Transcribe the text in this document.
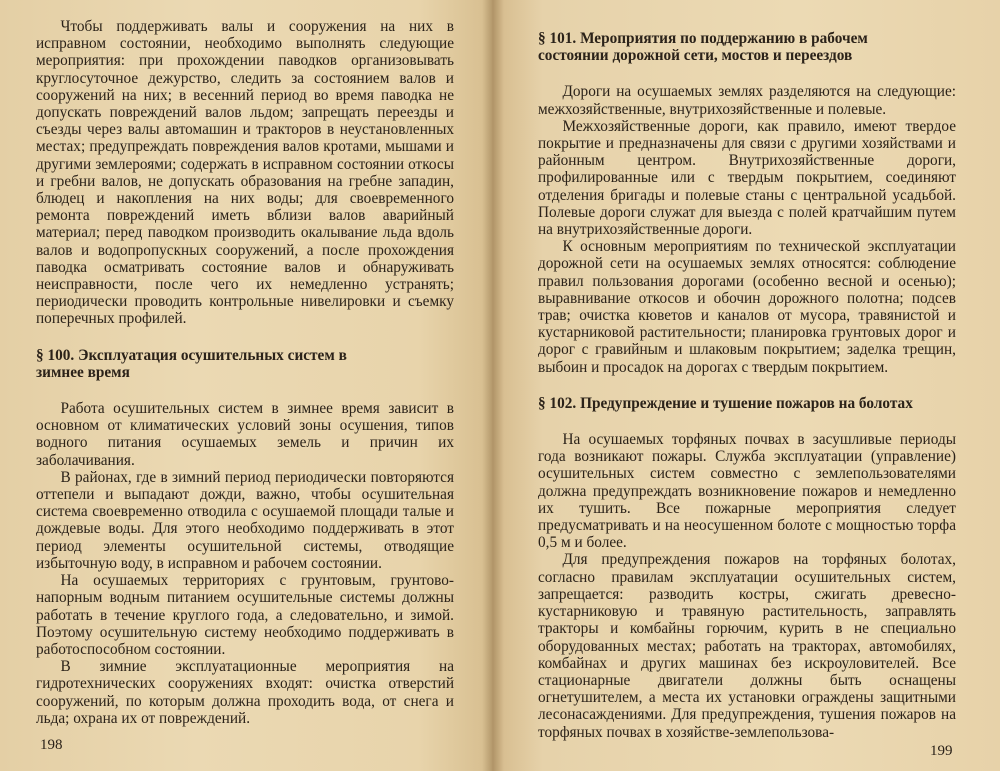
Чтобы поддерживать валы и сооружения на них в исправном состоянии, необходимо выполнять следующие мероприятия: при прохождении паводков организовывать круглосуточное дежурство, следить за состоянием валов и сооружений на них; в весенний период во время паводка не допускать повреждений валов льдом; запрещать переезды и съезды через валы автомашин и тракторов в неустановленных местах; предупреждать повреждения валов кротами, мышами и другими землероями; содержать в исправном состоянии откосы и гребни валов, не допускать образования на гребне западин, блюдец и накопления на них воды; для своевременного ремонта повреждений иметь вблизи валов аварийный материал; перед паводком производить окалывание льда вдоль валов и водопропускных сооружений, а после прохождения паводка осматривать состояние валов и обнаруживать неисправности, после чего их немедленно устранять; периодически проводить контрольные нивелировки и съемку поперечных профилей.

§ 100. Эксплуатация осушительных систем в зимнее время

Работа осушительных систем в зимнее время зависит в основном от климатических условий зоны осушения, типов водного питания осушаемых земель и причин их заболачивания.

В районах, где в зимний период периодически повторяются оттепели и выпадают дожди, важно, чтобы осушительная система своевременно отводила с осушаемой площади талые и дождевые воды. Для этого необходимо поддерживать в этот период элементы осушительной системы, отводящие избыточную воду, в исправном и рабочем состоянии.

На осушаемых территориях с грунтовым, грунтово-напорным водным питанием осушительные системы должны работать в течение круглого года, а следовательно, и зимой. Поэтому осушительную систему необходимо поддерживать в работоспособном состоянии.

В зимние эксплуатационные мероприятия на гидротехнических сооружениях входят: очистка отверстий сооружений, по которым должна проходить вода, от снега и льда; охрана их от повреждений.

198
§ 101. Мероприятия по поддержанию в рабочем состоянии дорожной сети, мостов и переездов

Дороги на осушаемых землях разделяются на следующие: межхозяйственные, внутрихозяйственные и полевые.

Межхозяйственные дороги, как правило, имеют твердое покрытие и предназначены для связи с другими хозяйствами и районным центром. Внутрихозяйственные дороги, профилированные или с твердым покрытием, соединяют отделения бригады и полевые станы с центральной усадьбой. Полевые дороги служат для выезда с полей кратчайшим путем на внутрихозяйственные дороги.

К основным мероприятиям по технической эксплуатации дорожной сети на осушаемых землях относятся: соблюдение правил пользования дорогами (особенно весной и осенью); выравнивание откосов и обочин дорожного полотна; подсев трав; очистка кюветов и каналов от мусора, травянистой и кустарниковой растительности; планировка грунтовых дорог и дорог с гравийным и шлаковым покрытием; заделка трещин, выбоин и просадок на дорогах с твердым покрытием.

§ 102. Предупреждение и тушение пожаров на болотах

На осушаемых торфяных почвах в засушливые периоды года возникают пожары. Служба эксплуатации (управление) осушительных систем совместно с землепользователями должна предупреждать возникновение пожаров и немедленно их тушить. Все пожарные мероприятия следует предусматривать и на неосушенном болоте с мощностью торфа 0,5 м и более.

Для предупреждения пожаров на торфяных болотах, согласно правилам эксплуатации осушительных систем, запрещается: разводить костры, сжигать древесно-кустарниковую и травяную растительность, заправлять тракторы и комбайны горючим, курить в не специально оборудованных местах; работать на тракторах, автомобилях, комбайнах и других машинах без искроуловителей. Все стационарные двигатели должны быть оснащены огнетушителем, а места их установки ограждены защитными лесонасаждениями. Для предупреждения, тушения пожаров на торфяных почвах в хозяйстве-землепользова-

199
